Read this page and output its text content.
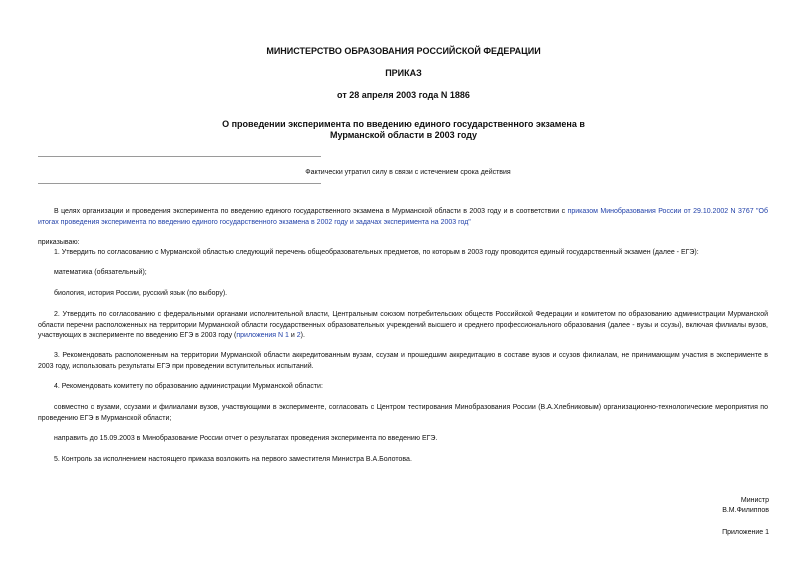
МИНИСТЕРСТВО ОБРАЗОВАНИЯ РОССИЙСКОЙ ФЕДЕРАЦИИ
ПРИКАЗ
от 28 апреля 2003 года N 1886
О проведении эксперимента по введению единого государственного экзамена в
Мурманской области в 2003 году
Фактически утратил силу в связи с истечением срока действия
В целях организации и проведения эксперимента по введению единого государственного экзамена в Мурманской области в 2003 году и в соответствии с приказом Минобразования России от 29.10.2002 N 3767 "Об итогах проведения эксперимента по введению единого государственного экзамена в 2002 году и задачах эксперимента на 2003 год"
приказываю:
1. Утвердить по согласованию с Мурманской областью следующий перечень общеобразовательных предметов, по которым в 2003 году проводится единый государственный экзамен (далее - ЕГЭ):
математика (обязательный);
биология, история России, русский язык (по выбору).
2. Утвердить по согласованию с федеральными органами исполнительной власти, Центральным союзом потребительских обществ Российской Федерации и комитетом по образованию администрации Мурманской области перечни расположенных на территории Мурманской области государственных образовательных учреждений высшего и среднего профессионального образования (далее - вузы и ссузы), включая филиалы вузов, участвующих в эксперименте по введению ЕГЭ в 2003 году (приложения N 1 и 2).
3. Рекомендовать расположенным на территории Мурманской области аккредитованным вузам, ссузам и прошедшим аккредитацию в составе вузов и ссузов филиалам, не принимающим участия в эксперименте в 2003 году, использовать результаты ЕГЭ при проведении вступительных испытаний.
4. Рекомендовать комитету по образованию администрации Мурманской области:
совместно с вузами, ссузами и филиалами вузов, участвующими в эксперименте, согласовать с Центром тестирования Минобразования России (В.А.Хлебниковым) организационно-технологические мероприятия по проведению ЕГЭ в Мурманской области;
направить до 15.09.2003 в Минобразование России отчет о результатах проведения эксперимента по введению ЕГЭ.
5. Контроль за исполнением настоящего приказа возложить на первого заместителя Министра В.А.Болотова.
Министр
В.М.Филиппов
Приложение 1
